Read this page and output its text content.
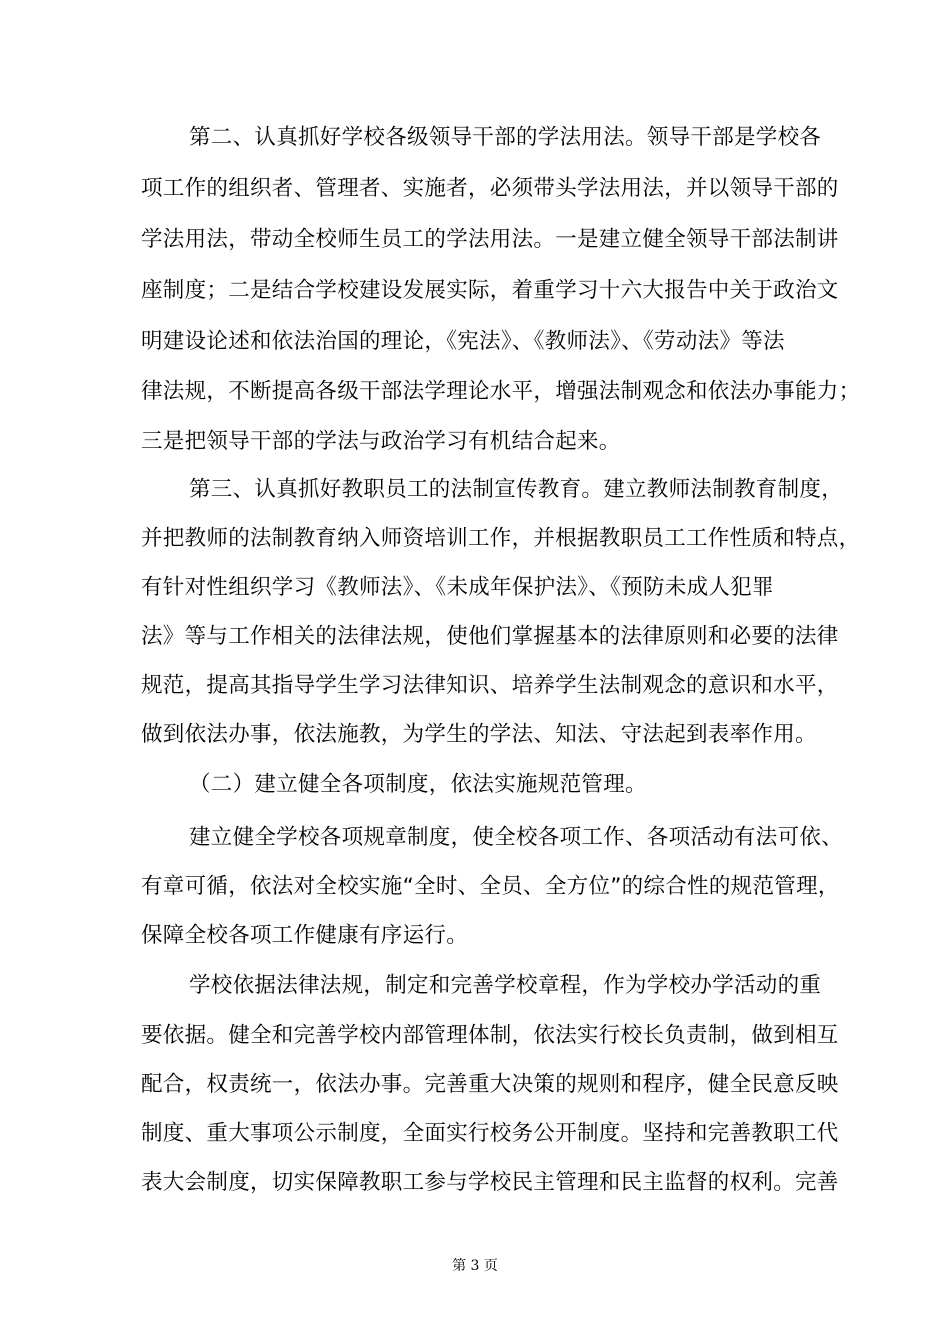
第二、认真抓好学校各级领导干部的学法用法。领导干部是学校各
项工作的组织者、管理者、实施者，必须带头学法用法，并以领导干部的
学法用法，带动全校师生员工的学法用法。一是建立健全领导干部法制讲
座制度；二是结合学校建设发展实际，着重学习十六大报告中关于政治文
明建设论述和依法治国的理论，《宪法》、《教师法》、《劳动法》等法
律法规，不断提高各级干部法学理论水平，增强法制观念和依法办事能力；
三是把领导干部的学法与政治学习有机结合起来。
第三、认真抓好教职员工的法制宣传教育。建立教师法制教育制度，
并把教师的法制教育纳入师资培训工作，并根据教职员工工作性质和特点，
有针对性组织学习《教师法》、《未成年保护法》、《预防未成人犯罪
法》等与工作相关的法律法规，使他们掌握基本的法律原则和必要的法律
规范，提高其指导学生学习法律知识、培养学生法制观念的意识和水平，
做到依法办事，依法施教，为学生的学法、知法、守法起到表率作用。
（二）建立健全各项制度，依法实施规范管理。
建立健全学校各项规章制度，使全校各项工作、各项活动有法可依、
有章可循，依法对全校实施“全时、全员、全方位”的综合性的规范管理，
保障全校各项工作健康有序运行。
学校依据法律法规，制定和完善学校章程，作为学校办学活动的重
要依据。健全和完善学校内部管理体制，依法实行校长负责制，做到相互
配合，权责统一，依法办事。完善重大决策的规则和程序，健全民意反映
制度、重大事项公示制度，全面实行校务公开制度。坚持和完善教职工代
表大会制度，切实保障教职工参与学校民主管理和民主监督的权利。完善
第 3 页
